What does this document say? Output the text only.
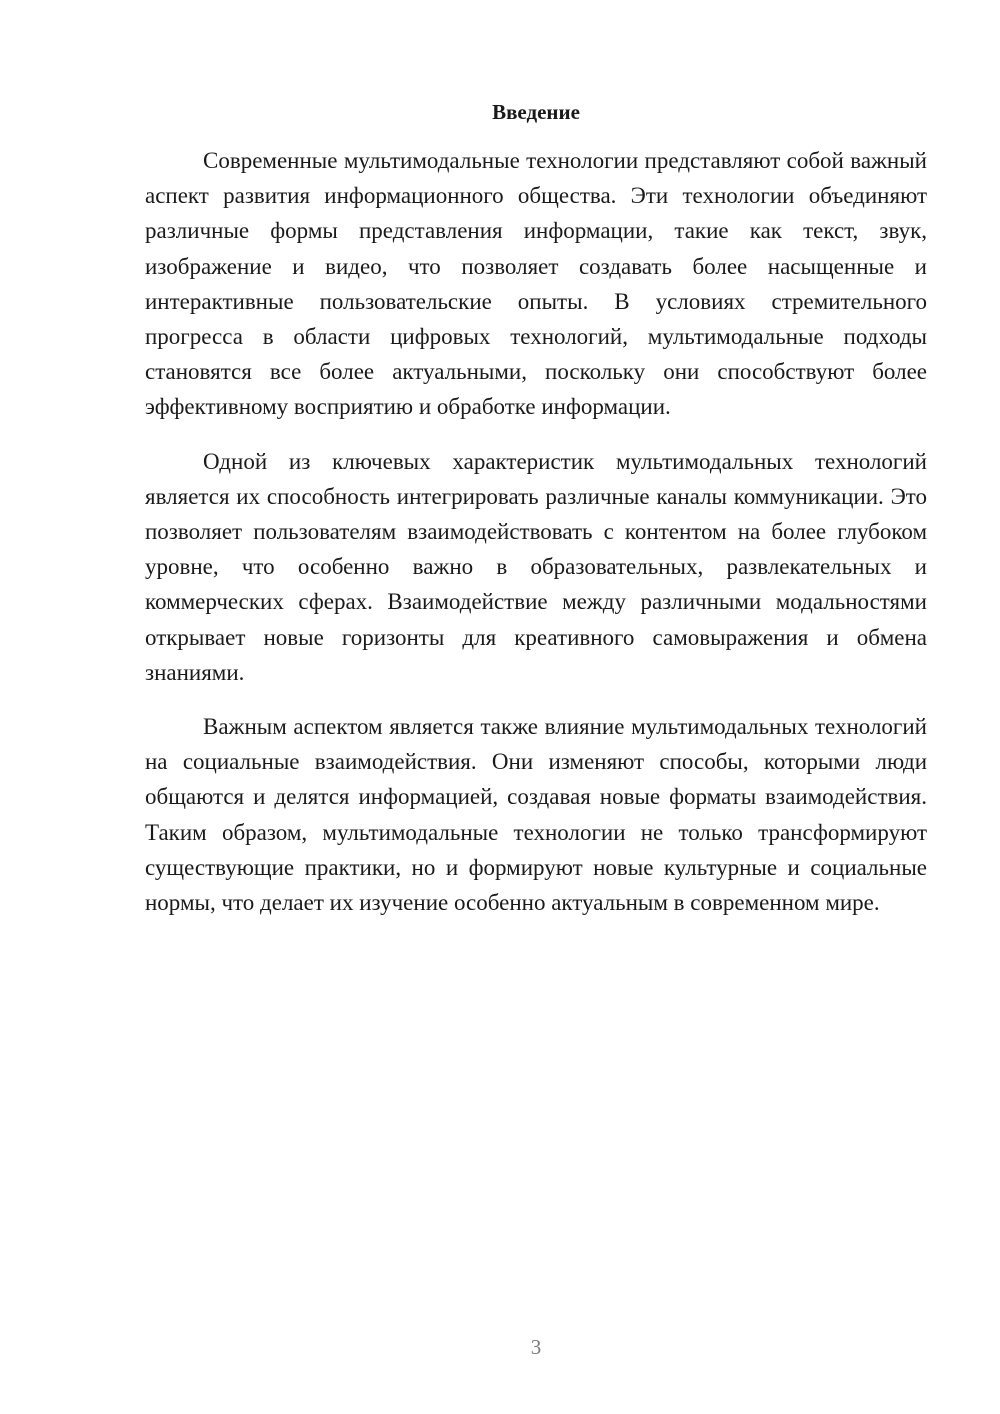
Введение

Современные мультимодальные технологии представляют собой важный аспект развития информационного общества. Эти технологии объединяют различные формы представления информации, такие как текст, звук, изображение и видео, что позволяет создавать более насыщенные и интерактивные пользовательские опыты. В условиях стремительного прогресса в области цифровых технологий, мультимодальные подходы становятся все более актуальными, поскольку они способствуют более эффективному восприятию и обработке информации.

Одной из ключевых характеристик мультимодальных технологий является их способность интегрировать различные каналы коммуникации. Это позволяет пользователям взаимодействовать с контентом на более глубоком уровне, что особенно важно в образовательных, развлекательных и коммерческих сферах. Взаимодействие между различными модальностями открывает новые горизонты для креативного самовыражения и обмена знаниями.

Важным аспектом является также влияние мультимодальных технологий на социальные взаимодействия. Они изменяют способы, которыми люди общаются и делятся информацией, создавая новые форматы взаимодействия. Таким образом, мультимодальные технологии не только трансформируют существующие практики, но и формируют новые культурные и социальные нормы, что делает их изучение особенно актуальным в современном мире.

3
